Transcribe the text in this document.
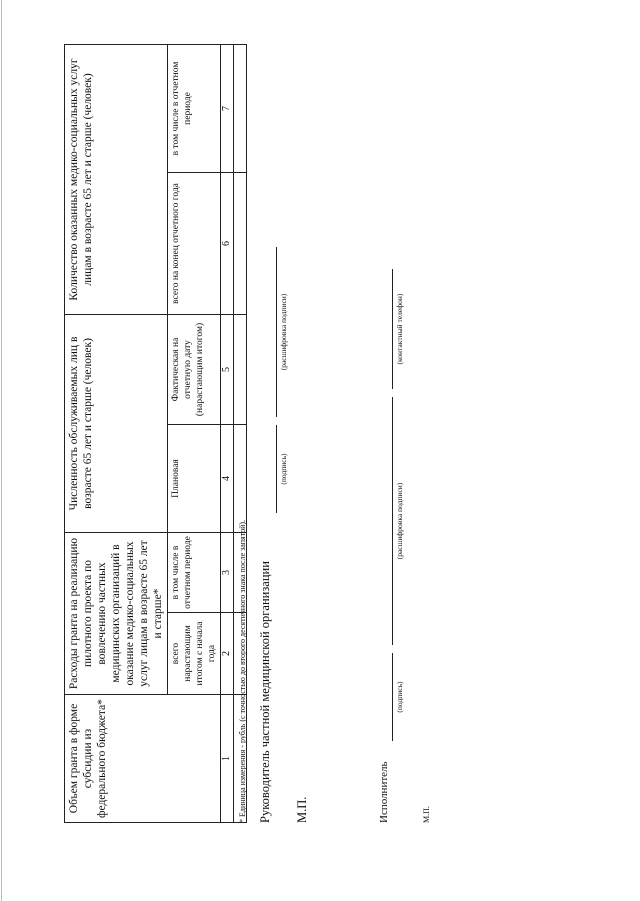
Объем гранта в форме субсидии из федерального бюджета*	Расходы гранта на реализацию пилотного проекта по вовлечению частных медицинских организаций в оказание медико-социальных услуг лицам в возрасте 65 лет и старше*		Численность обслуживаемых лиц в возрасте 65 лет и старше (человек)		Количество оказанных медико-социальных услуг лицам в возрасте 65 лет и старше (человек)	
	всего нарастающим итогом с начала года	в том числе в отчетном периоде	Плановая	Фактическая на отчетную дату (нарастающим итогом)	всего на конец отчетного года	в том числе в отчетном периоде
1	2	3	4	5	6	7

* Единица измерения - рубль (с точностью до второго десятичного знака после запятой). Руководитель частной медицинской организации
(подпись)
(расшифровка подписи)
М.П.	Исполнитель
(подпись)
(расшифровка подписи)
(контактный телефон)
М.П.
